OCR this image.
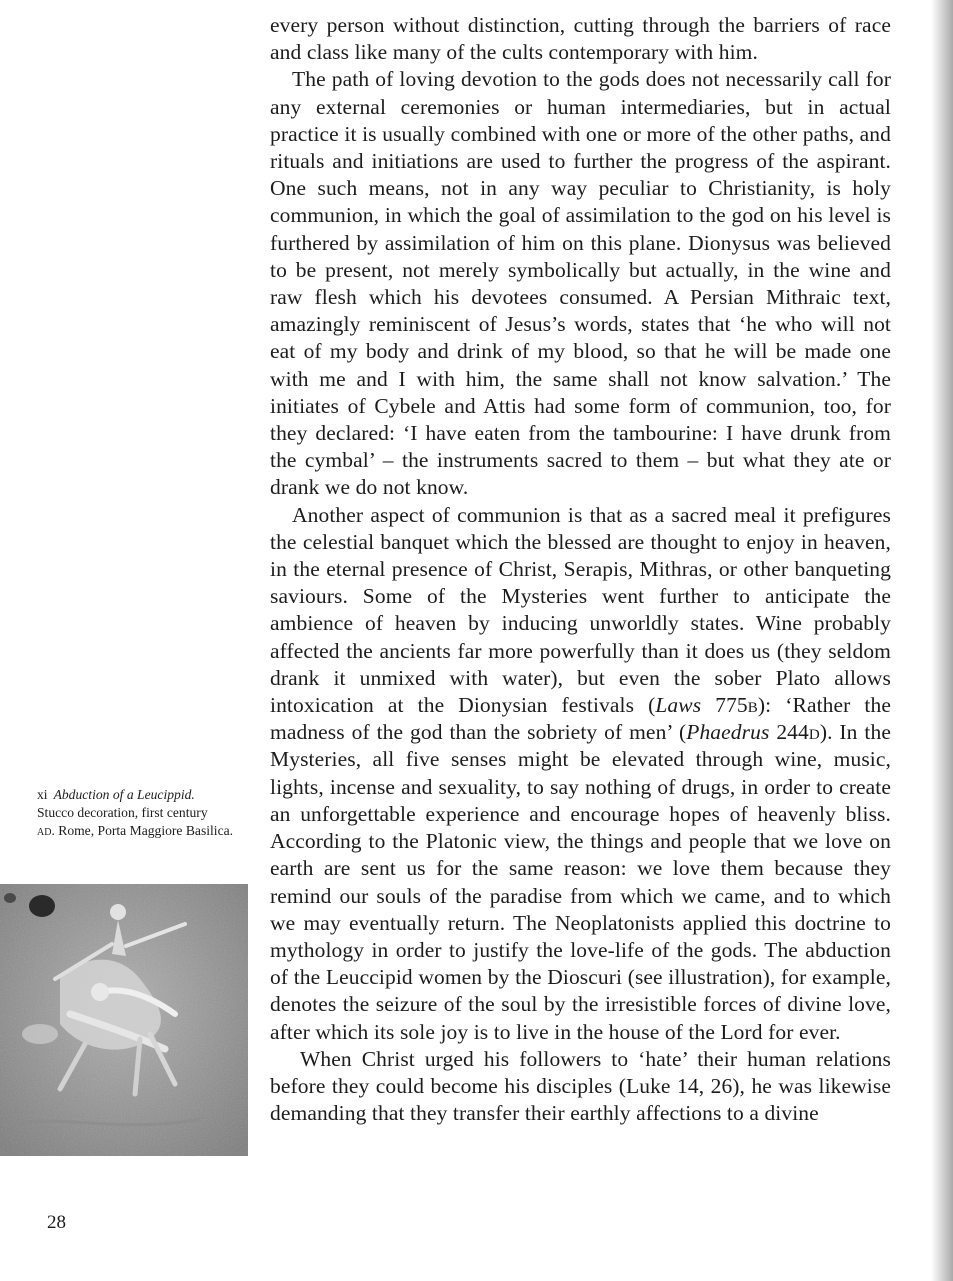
every person without distinction, cutting through the barriers of race and class like many of the cults contemporary with him.

The path of loving devotion to the gods does not necessarily call for any external ceremonies or human intermediaries, but in actual practice it is usually combined with one or more of the other paths, and rituals and initiations are used to further the progress of the aspirant. One such means, not in any way peculiar to Christianity, is holy communion, in which the goal of assimilation to the god on his level is furthered by assimilation of him on this plane. Dionysus was believed to be present, not merely symbolically but actually, in the wine and raw flesh which his devotees consumed. A Persian Mithraic text, amazingly reminiscent of Jesus’s words, states that ‘he who will not eat of my body and drink of my blood, so that he will be made one with me and I with him, the same shall not know salvation.’ The initiates of Cybele and Attis had some form of communion, too, for they declared: ‘I have eaten from the tambourine: I have drunk from the cymbal’ – the instruments sacred to them – but what they ate or drank we do not know.

Another aspect of communion is that as a sacred meal it prefigures the celestial banquet which the blessed are thought to enjoy in heaven, in the eternal presence of Christ, Serapis, Mithras, or other banqueting saviours. Some of the Mysteries went further to anticipate the ambience of heaven by inducing unworldly states. Wine probably affected the ancients far more powerfully than it does us (they seldom drank it unmixed with water), but even the sober Plato allows intoxication at the Dionysian festivals (Laws 775b): ‘Rather the madness of the god than the sobriety of men’ (Phaedrus 244d). In the Mysteries, all five senses might be elevated through wine, music, lights, incense and sexuality, to say nothing of drugs, in order to create an unforgettable experience and encourage hopes of heavenly bliss. According to the Platonic view, the things and people that we love on earth are sent us for the same reason: we love them because they remind our souls of the paradise from which we came, and to which we may eventually return. The Neoplatonists applied this doctrine to mythology in order to justify the love-life of the gods. The abduction of the Leuccipid women by the Dioscuri (see illustration), for example, denotes the seizure of the soul by the irresistible forces of divine love, after which its sole joy is to live in the house of the Lord for ever.

When Christ urged his followers to ‘hate’ their human relations before they could become his disciples (Luke 14, 26), he was likewise demanding that they transfer their earthly affections to a divine

xi Abduction of a Leucippid.
Stucco decoration, first century
ad. Rome, Porta Maggiore Basilica.
28
